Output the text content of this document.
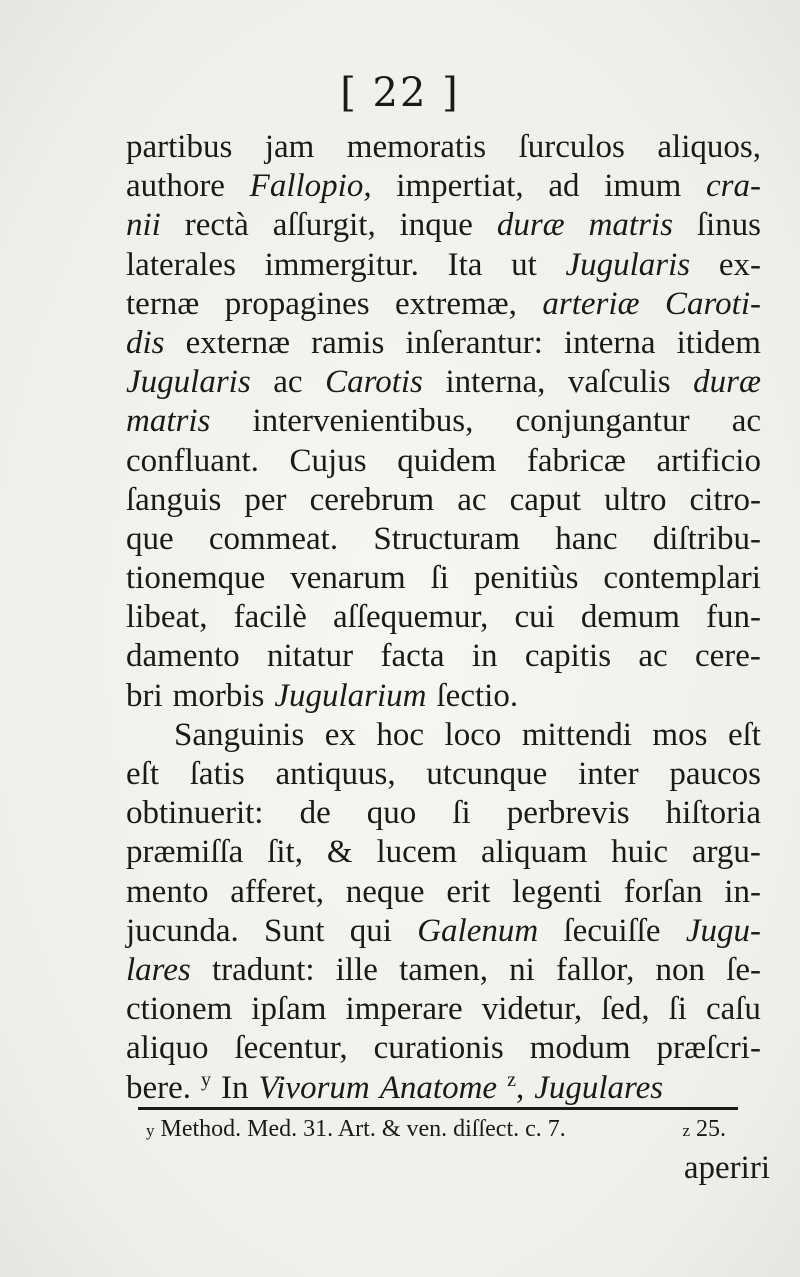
[ 22 ]
partibus jam memoratis ſurculos aliquos,
authore Fallopio, impertiat, ad imum cra-
nii rectà aſſurgit, inque duræ matris ſinus
laterales immergitur. Ita ut Jugularis ex-
ternæ propagines extremæ, arteriæ Caroti-
dis externæ ramis inſerantur: interna itidem
Jugularis ac Carotis interna, vaſculis duræ
matris intervenientibus, conjungantur ac
confluant. Cujus quidem fabricæ artificio
ſanguis per cerebrum ac caput ultro citro-
que commeat. Structuram hanc diſtribu-
tionemque venarum ſi penitiùs contemplari
libeat, facilè aſſequemur, cui demum fun-
damento nitatur facta in capitis ac cere-
bri morbis Jugularium ſectio.
Sanguinis ex hoc loco mittendi mos eſt
eſt ſatis antiquus, utcunque inter paucos
obtinuerit: de quo ſi perbrevis hiſtoria
præmiſſa ſit, & lucem aliquam huic argu-
mento afferet, neque erit legenti forſan in-
jucunda. Sunt qui Galenum ſecuiſſe Jugu-
lares tradunt: ille tamen, ni fallor, non ſe-
ctionem ipſam imperare videtur, ſed, ſi caſu
aliquo ſecentur, curationis modum præſcri-
bere. $^y$ In Vivorum Anatome $^z$, Jugulares
y Method. Med. 31. Art. & ven. diſſect. c. 7.	z 25.
aperiri
